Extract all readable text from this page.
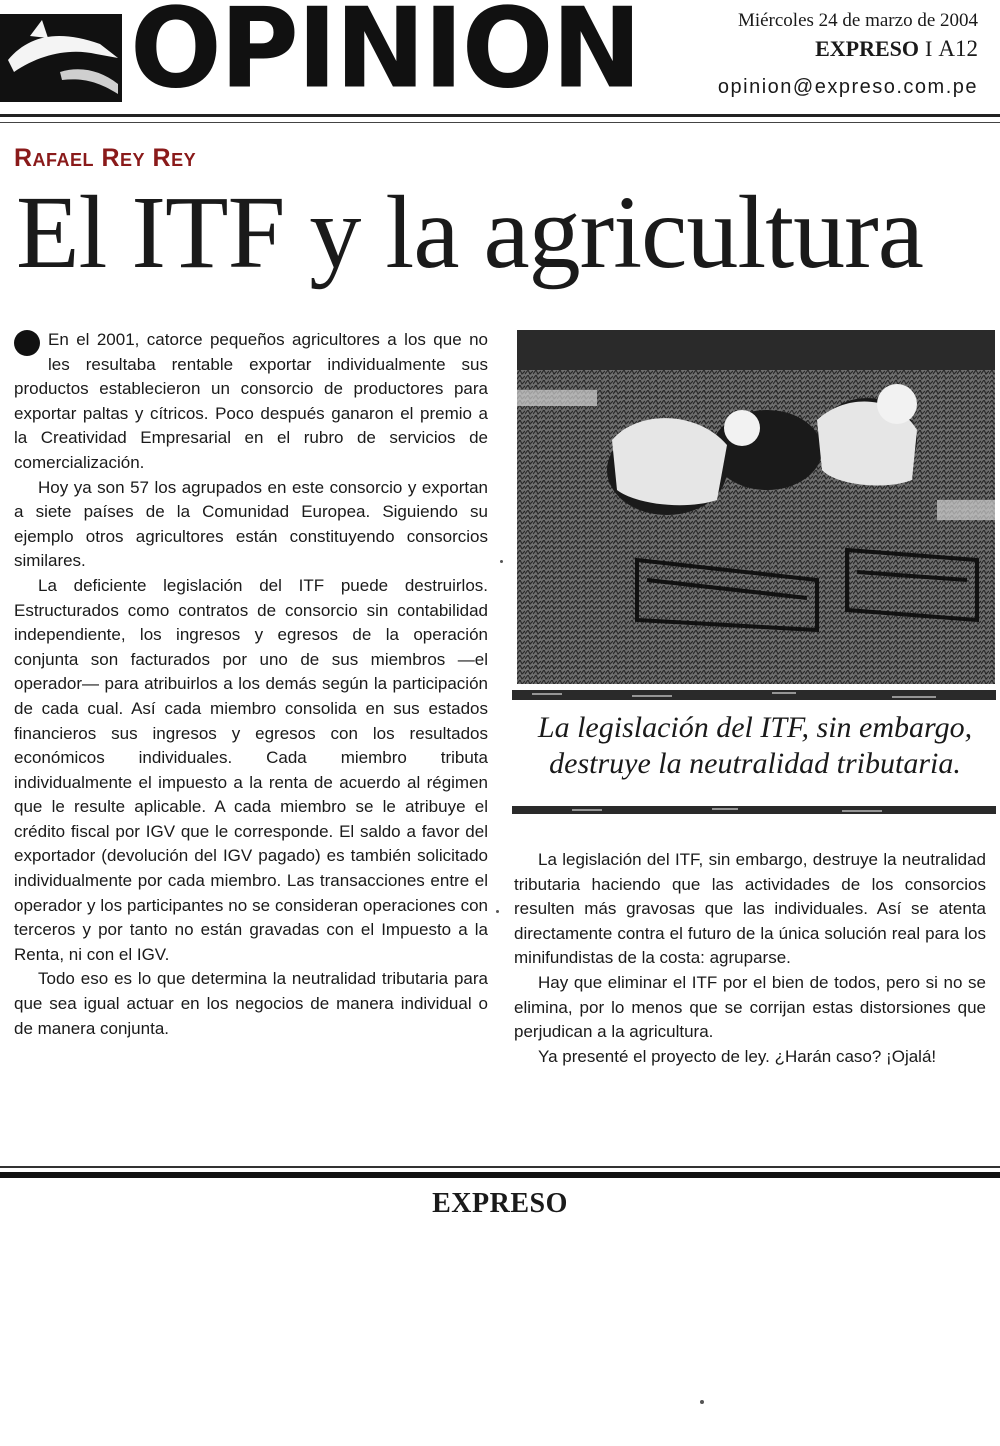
OPINION	Miércoles 24 de marzo de 2004
EXPRESO I A12
opinion@expreso.com.pe
Rafael Rey Rey
El ITF y la agricultura

En el 2001, catorce pequeños agricultores a los que no les resultaba rentable exportar individualmente sus productos establecieron un consorcio de productores para exportar paltas y cítricos. Poco después ganaron el premio a la Creatividad Empresarial en el rubro de servicios de comercialización.

Hoy ya son 57 los agrupados en este consorcio y exportan a siete países de la Comunidad Europea. Siguiendo su ejemplo otros agricultores están constituyendo consorcios similares.

La deficiente legislación del ITF puede destruirlos. Estructurados como contratos de consorcio sin contabilidad independiente, los ingresos y egresos de la operación conjunta son facturados por uno de sus miembros —el operador— para atribuirlos a los demás según la participación de cada cual. Así cada miembro consolida en sus estados financieros sus ingresos y egresos con los resultados económicos individuales. Cada miembro tributa individualmente el impuesto a la renta de acuerdo al régimen que le resulte aplicable. A cada miembro se le atribuye el crédito fiscal por IGV que le corresponde. El saldo a favor del exportador (devolución del IGV pagado) es también solicitado individualmente por cada miembro. Las transacciones entre el operador y los participantes no se consideran operaciones con terceros y por tanto no están gravadas con el Impuesto a la Renta, ni con el IGV.

Todo eso es lo que determina la neutralidad tributaria para que sea igual actuar en los negocios de manera individual o de manera conjunta.

La legislación del ITF, sin embargo, destruye la neutralidad tributaria.

La legislación del ITF, sin embargo, destruye la neutralidad tributaria haciendo que las actividades de los consorcios resulten más gravosas que las individuales. Así se atenta directamente contra el futuro de la única solución real para los minifundistas de la costa: agruparse.

Hay que eliminar el ITF por el bien de todos, pero si no se elimina, por lo menos que se corrijan estas distorsiones que perjudican a la agricultura.

Ya presenté el proyecto de ley. ¿Harán caso? ¡Ojalá!

EXPRESO
